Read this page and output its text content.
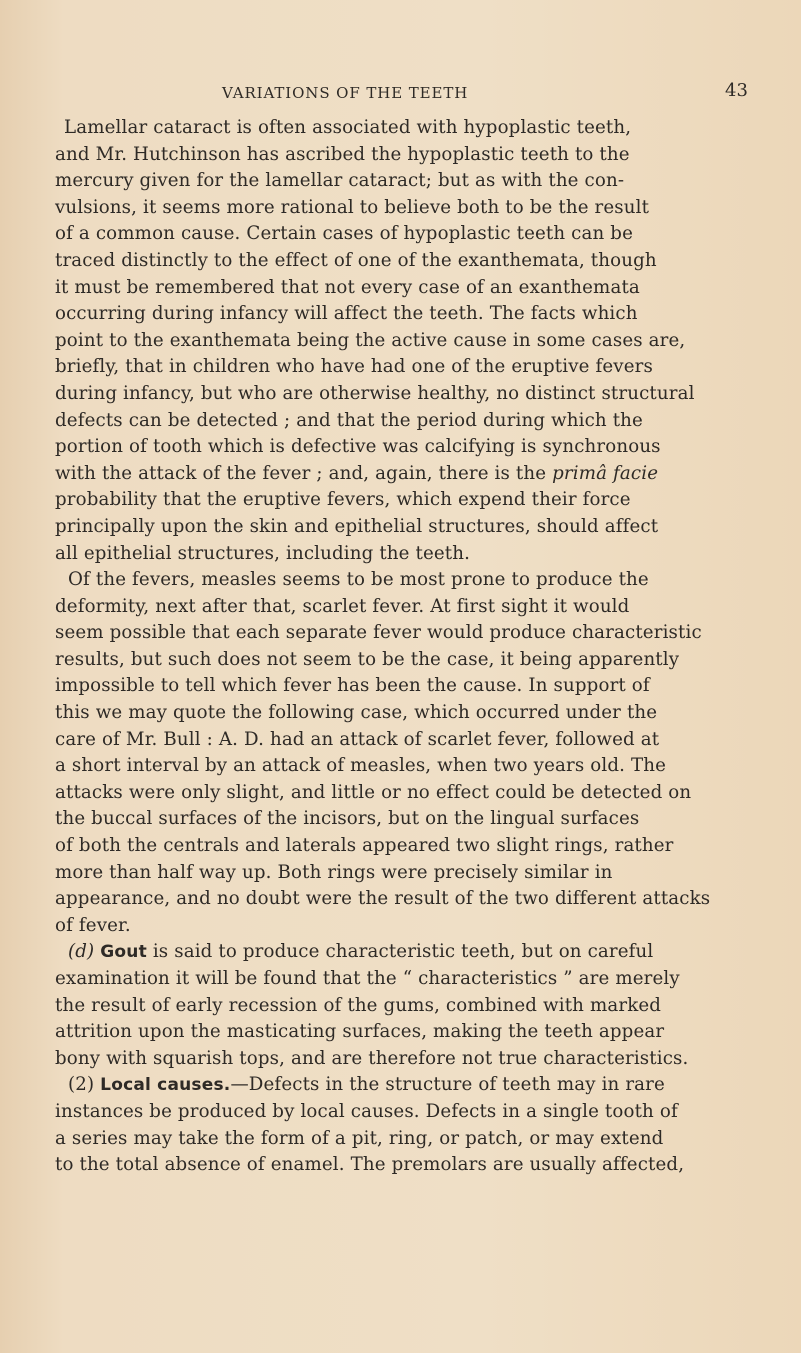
VARIATIONS OF THE TEETH	43
Lamellar cataract is often associated with hypoplastic teeth,
and Mr. Hutchinson has ascribed the hypoplastic teeth to the
mercury given for the lamellar cataract; but as with the con-
vulsions, it seems more rational to believe both to be the result
of a common cause. Certain cases of hypoplastic teeth can be
traced distinctly to the effect of one of the exanthemata, though
it must be remembered that not every case of an exanthemata
occurring during infancy will affect the teeth. The facts which
point to the exanthemata being the active cause in some cases are,
briefly, that in children who have had one of the eruptive fevers
during infancy, but who are otherwise healthy, no distinct structural
defects can be detected ; and that the period during which the
portion of tooth which is defective was calcifying is synchronous
with the attack of the fever ; and, again, there is the primâ facie
probability that the eruptive fevers, which expend their force
principally upon the skin and epithelial structures, should affect
all epithelial structures, including the teeth.
Of the fevers, measles seems to be most prone to produce the
deformity, next after that, scarlet fever. At first sight it would
seem possible that each separate fever would produce characteristic
results, but such does not seem to be the case, it being apparently
impossible to tell which fever has been the cause. In support of
this we may quote the following case, which occurred under the
care of Mr. Bull : A. D. had an attack of scarlet fever, followed at
a short interval by an attack of measles, when two years old. The
attacks were only slight, and little or no effect could be detected on
the buccal surfaces of the incisors, but on the lingual surfaces
of both the centrals and laterals appeared two slight rings, rather
more than half way up. Both rings were precisely similar in
appearance, and no doubt were the result of the two different attacks
of fever.
(d) Gout is said to produce characteristic teeth, but on careful
examination it will be found that the “ characteristics ” are merely
the result of early recession of the gums, combined with marked
attrition upon the masticating surfaces, making the teeth appear
bony with squarish tops, and are therefore not true characteristics.
(2) Local causes.—Defects in the structure of teeth may in rare
instances be produced by local causes. Defects in a single tooth of
a series may take the form of a pit, ring, or patch, or may extend
to the total absence of enamel. The premolars are usually affected,
